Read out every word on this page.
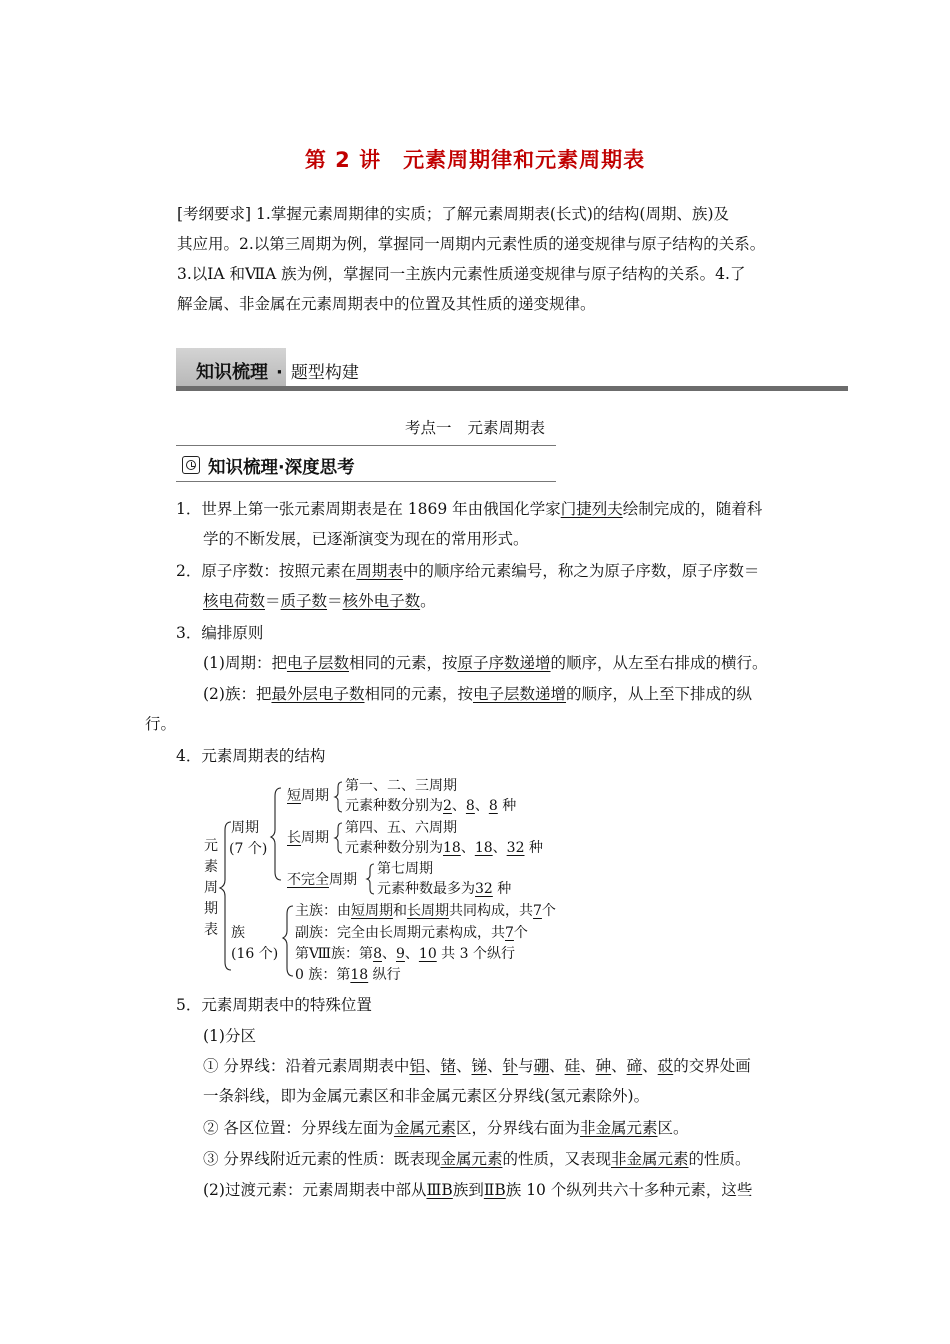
第 2 讲　元素周期律和元素周期表
[考纲要求] 1.掌握元素周期律的实质；了解元素周期表(长式)的结构(周期、族)及
其应用。2.以第三周期为例，掌握同一周期内元素性质的递变规律与原子结构的关系。
3.以ⅠA 和ⅦA 族为例，掌握同一主族内元素性质递变规律与原子结构的关系。4.了
解金属、非金属在元素周期表中的位置及其性质的递变规律。
知识梳理 · 题型构建
考点一 元素周期表
知识梳理·深度思考
1．世界上第一张元素周期表是在 1869 年由俄国化学家门捷列夫绘制完成的，随着科
学的不断发展，已逐渐演变为现在的常用形式。
2．原子序数：按照元素在周期表中的顺序给元素编号，称之为原子序数，原子序数＝
核电荷数＝质子数＝核外电子数。
3．编排原则
(1)周期：把电子层数相同的元素，按原子序数递增的顺序，从左至右排成的横行。
(2)族：把最外层电子数相同的元素，按电子层数递增的顺序，从上至下排成的纵
行。
4．元素周期表的结构
元素周期表
周期
(7 个)
短周期
第一、二、三周期
元素种数分别为2、8、8 种
长周期
第四、五、六周期
元素种数分别为18、18、32 种
不完全周期
第七周期
元素种数最多为32 种
族
(16 个)
主族：由短周期和长周期共同构成，共7个
副族：完全由长周期元素构成，共7个
第Ⅷ族：第8、9、10 共 3 个纵行
0 族：第18 纵行
5．元素周期表中的特殊位置
(1)分区
① 分界线：沿着元素周期表中铝、锗、锑、钋与硼、硅、砷、碲、砹的交界处画
一条斜线，即为金属元素区和非金属元素区分界线(氢元素除外)。
② 各区位置：分界线左面为金属元素区，分界线右面为非金属元素区。
③ 分界线附近元素的性质：既表现金属元素的性质，又表现非金属元素的性质。
(2)过渡元素：元素周期表中部从ⅢB族到ⅡB族 10 个纵列共六十多种元素，这些
